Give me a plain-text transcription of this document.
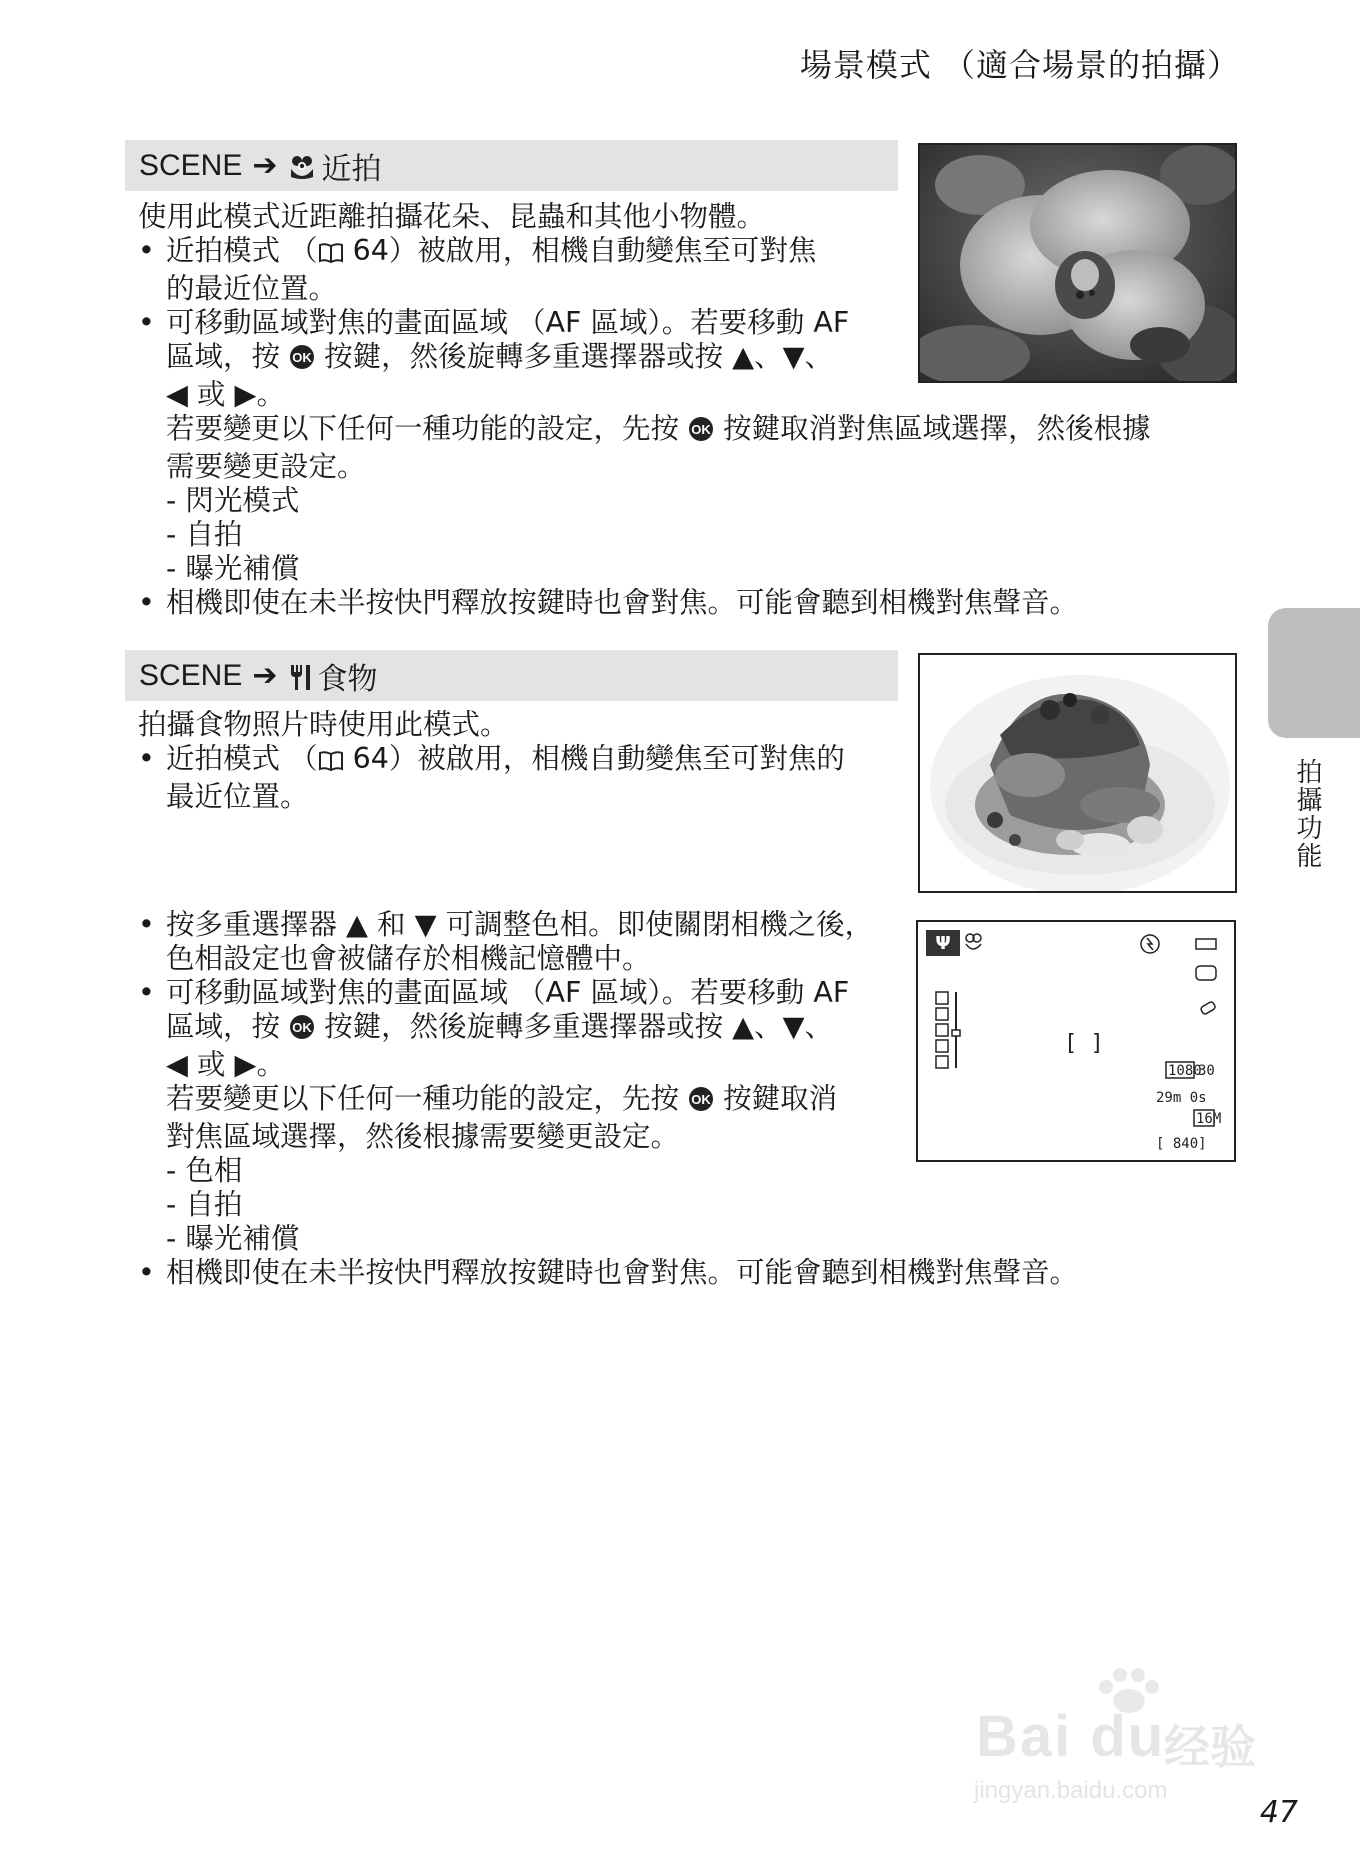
場景模式 （適合場景的拍攝）
SCENE ➔ 近拍

使用此模式近距離拍攝花朵、昆蟲和其他小物體。

• 近拍模式 （ 64）被啟用，相機自動變焦至可對焦

的最近位置。

• 可移動區域對焦的畫面區域 （AF 區域）。若要移動 AF

區域，按 OK 按鍵，然後旋轉多重選擇器或按 ▲、▼、

◀ 或 ▶。

若要變更以下任何一種功能的設定，先按 OK 按鍵取消對焦區域選擇，然後根據

需要變更設定。

- 閃光模式

- 自拍

- 曝光補償

• 相機即使在未半按快門釋放按鍵時也會對焦。可能會聽到相機對焦聲音。

SCENE ➔ 食物

拍攝食物照片時使用此模式。

• 近拍模式 （ 64）被啟用，相機自動變焦至可對焦的

最近位置。

Ψ
[ ]
1080
30
29m 0s
16M
[ 840]

• 按多重選擇器 ▲ 和 ▼ 可調整色相。即使關閉相機之後，

色相設定也會被儲存於相機記憶體中。

• 可移動區域對焦的畫面區域 （AF 區域）。若要移動 AF

區域，按 OK 按鍵，然後旋轉多重選擇器或按 ▲、▼、

◀ 或 ▶。

若要變更以下任何一種功能的設定，先按 OK 按鍵取消

對焦區域選擇，然後根據需要變更設定。

- 色相

- 自拍

- 曝光補償

• 相機即使在未半按快門釋放按鍵時也會對焦。可能會聽到相機對焦聲音。

拍攝功能
Bai du
经验
jingyan.baidu.com
47
